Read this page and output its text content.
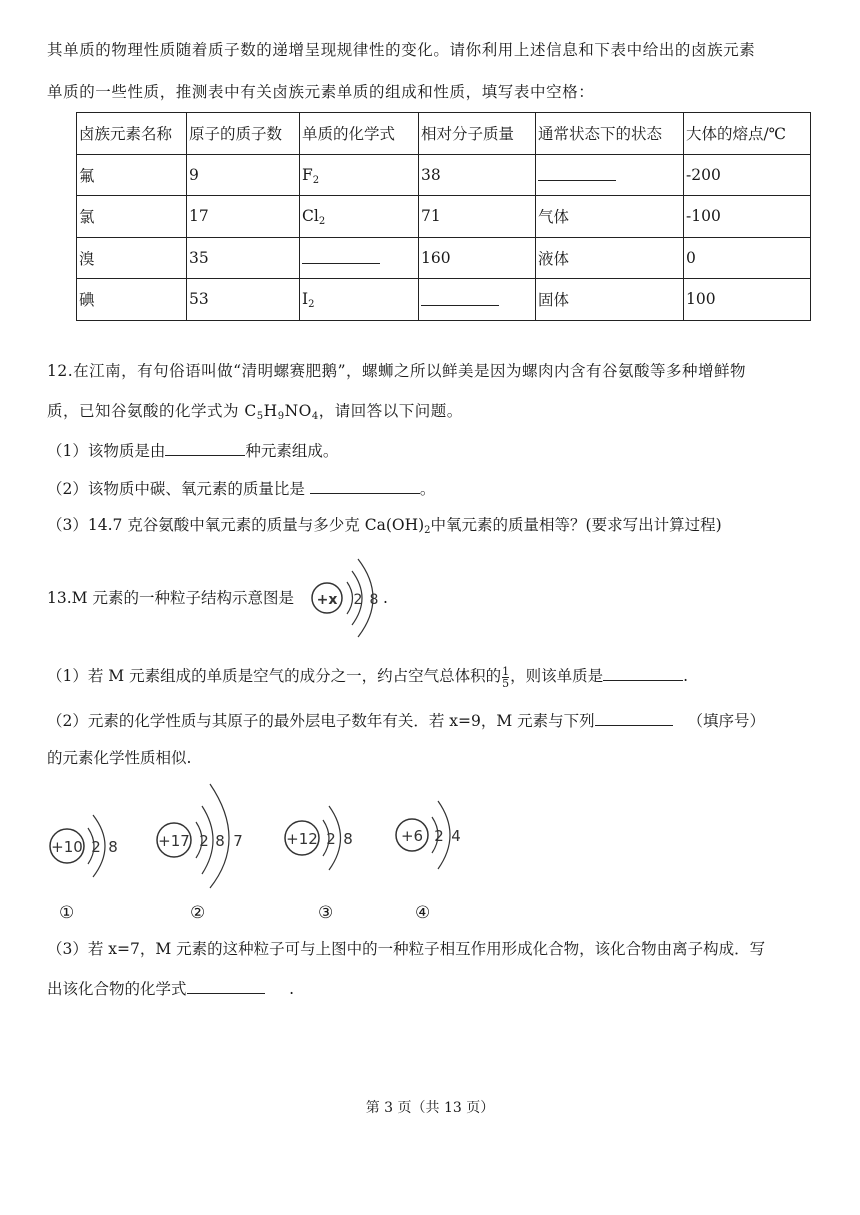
其单质的物理性质随着质子数的递增呈现规律性的变化。请你利用上述信息和下表中给出的卤族元素
单质的一些性质，推测表中有关卤族元素单质的组成和性质，填写表中空格：
卤族元素名称	原子的质子数	单质的化学式	相对分子质量	通常状态下的状态	大体的熔点/℃
氟	9	$F_2$	38		-200
氯	17	$Cl_2$	71	气体	-100
溴	35		160	液体	0
碘	53	$I_2$		固体	100
12.在江南，有句俗语叫做“清明螺赛肥鹅”，螺蛳之所以鲜美是因为螺肉内含有谷氨酸等多种增鲜物
质，已知谷氨酸的化学式为 $C_5H_9NO_4$，请回答以下问题。
（1）该物质是由	种元素组成。
（2）该物质中碳、氧元素的质量比是	。
（3）14.7 克谷氨酸中氧元素的质量与多少克 $Ca(OH)_2$中氧元素的质量相等？(要求写出计算过程)
13.M 元素的一种粒子结构示意图是 +x 2 8 .
（1）若 M 元素组成的单质是空气的成分之一，约占空气总体积的 $\frac{1}{5}$ ，则该单质是	.
（2）元素的化学性质与其原子的最外层电子数年有关．若 x=9，M 元素与下列	（填序号）
的元素化学性质相似.
+10 2 8	+17 2 8 7	+12 2 8	+6 2 4
①	②	③	④
（3）若 x=7，M 元素的这种粒子可与上图中的一种粒子相互作用形成化合物，该化合物由离子构成．写
出该化合物的化学式	.
第 3 页（共 13 页）
